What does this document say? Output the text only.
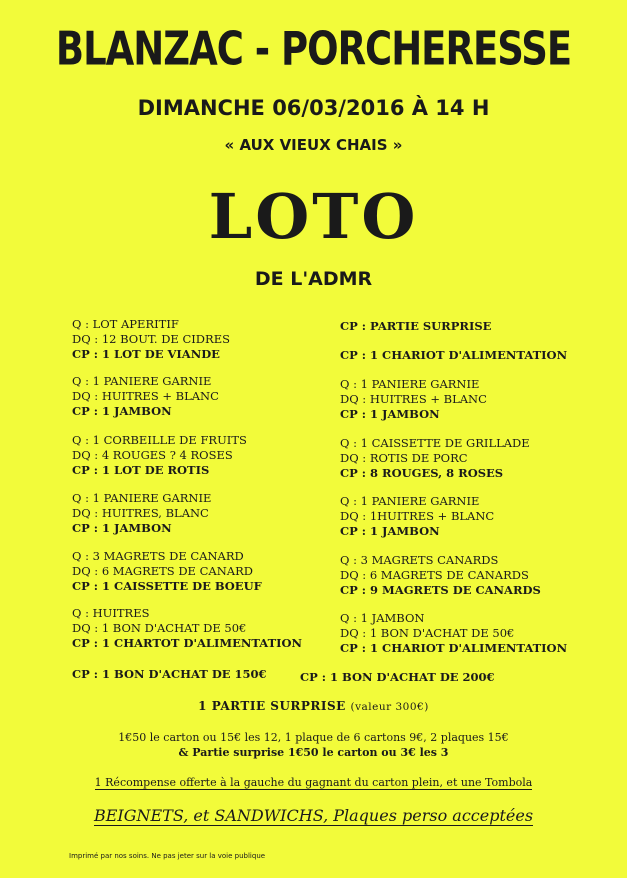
BLANZAC - PORCHERESSE
DIMANCHE 06/03/2016 À 14 H
« AUX VIEUX CHAIS »
LOTO
DE L'ADMR
Q : LOT APERITIF
DQ : 12 BOUT. DE CIDRES
CP : 1 LOT DE VIANDE
Q : 1 PANIERE GARNIE
DQ : HUITRES + BLANC
CP : 1 JAMBON
Q : 1 CORBEILLE DE FRUITS
DQ : 4 ROUGES ? 4 ROSES
CP : 1 LOT DE ROTIS
Q : 1 PANIERE GARNIE
DQ : HUITRES, BLANC
CP : 1 JAMBON
Q : 3 MAGRETS DE CANARD
DQ : 6 MAGRETS DE CANARD
CP : 1 CAISSETTE DE BOEUF
Q : HUITRES
DQ : 1 BON D'ACHAT DE 50€
CP : 1 CHARTOT D'ALIMENTATION
CP : PARTIE SURPRISE
CP : 1 CHARIOT D'ALIMENTATION
Q : 1 PANIERE GARNIE
DQ : HUITRES + BLANC
CP : 1 JAMBON
Q : 1 CAISSETTE DE GRILLADE
DQ : ROTIS DE PORC
CP : 8 ROUGES, 8 ROSES
Q : 1 PANIERE GARNIE
DQ : 1HUITRES + BLANC
CP : 1 JAMBON
Q : 3 MAGRETS CANARDS
DQ : 6 MAGRETS DE CANARDS
CP : 9 MAGRETS DE CANARDS
Q : 1 JAMBON
DQ : 1 BON D'ACHAT DE 50€
CP : 1 CHARIOT D'ALIMENTATION
CP : 1 BON D'ACHAT DE 150€	CP : 1 BON D'ACHAT DE 200€
1 PARTIE SURPRISE (valeur 300€)
1€50 le carton ou 15€ les 12, 1 plaque de 6 cartons 9€, 2 plaques 15€
& Partie surprise 1€50 le carton ou 3€ les 3
1 Récompense offerte à la gauche du gagnant du carton plein, et une Tombola
BEIGNETS, et SANDWICHS, Plaques perso acceptées
Imprimé par nos soins. Ne pas jeter sur la voie publique
